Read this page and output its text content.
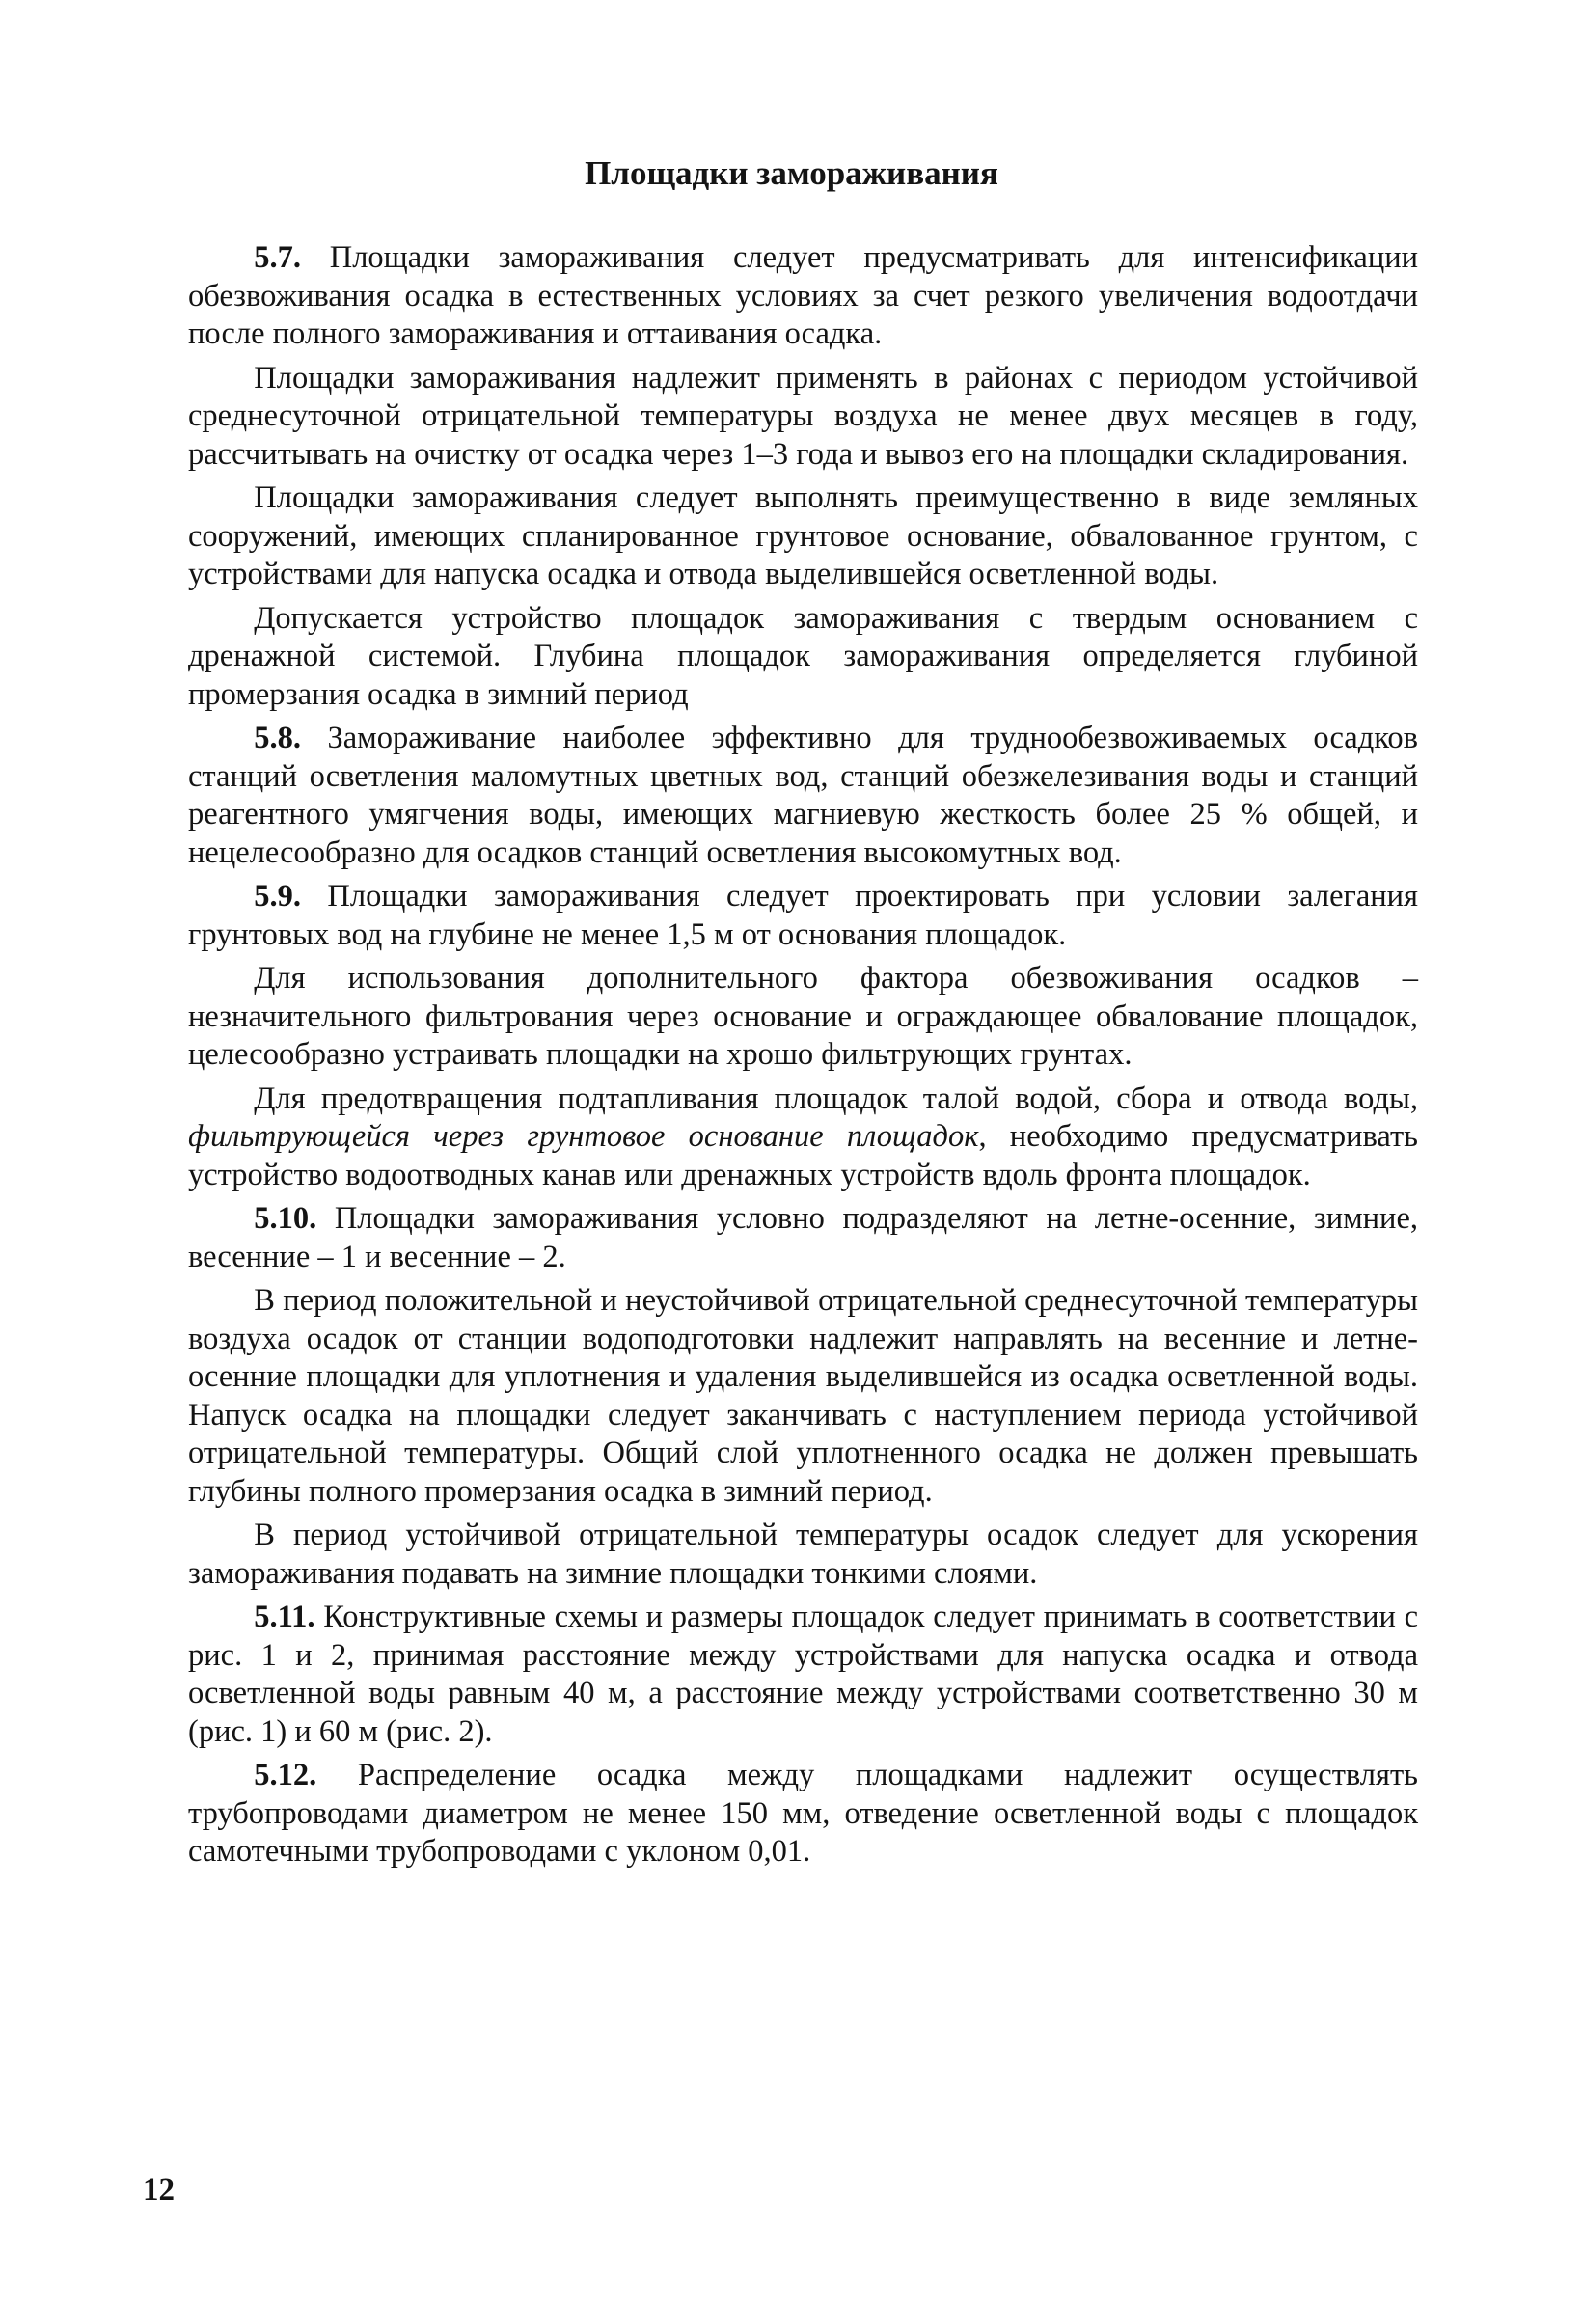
Площадки замораживания

5.7. Площадки замораживания следует предусматривать для интенсификации обезвоживания осадка в естественных условиях за счет резкого увеличения водоотдачи после полного замораживания и оттаивания осадка.

Площадки замораживания надлежит применять в районах с периодом устойчивой среднесуточной отрицательной температуры воздуха не менее двух месяцев в году, рассчитывать на очистку от осадка через 1–3 года и вывоз его на площадки складирования.

Площадки замораживания следует выполнять преимущественно в виде земляных сооружений, имеющих спланированное грунтовое основание, обвалованное грунтом, с устройствами для напуска осадка и отвода выделившейся осветленной воды.

Допускается устройство площадок замораживания с твердым основанием с дренажной системой. Глубина площадок замораживания определяется глубиной промерзания осадка в зимний период

5.8. Замораживание наиболее эффективно для труднообезвоживаемых осадков станций осветления маломутных цветных вод, станций обезжелезивания воды и станций реагентного умягчения воды, имеющих магниевую жесткость более 25 % общей, и нецелесообразно для осадков станций осветления высокомутных вод.

5.9. Площадки замораживания следует проектировать при условии залегания грунтовых вод на глубине не менее 1,5 м от основания площадок.

Для использования дополнительного фактора обезвоживания осадков – незначительного фильтрования через основание и ограждающее обвалование площадок, целесообразно устраивать площадки на хрошо фильтрующих грунтах.

Для предотвращения подтапливания площадок талой водой, сбора и отвода воды, фильтрующейся через грунтовое основание площадок, необходимо предусматривать устройство водоотводных канав или дренажных устройств вдоль фронта площадок.

5.10. Площадки замораживания условно подразделяют на летне-осенние, зимние, весенние – 1 и весенние – 2.

В период положительной и неустойчивой отрицательной среднесуточной температуры воздуха осадок от станции водоподготовки надлежит направлять на весенние и летне-осенние площадки для уплотнения и удаления выделившейся из осадка осветленной воды. Напуск осадка на площадки следует заканчивать с наступлением периода устойчивой отрицательной температуры. Общий слой уплотненного осадка не должен превышать глубины полного промерзания осадка в зимний период.

В период устойчивой отрицательной температуры осадок следует для ускорения замораживания подавать на зимние площадки тонкими слоями.

5.11. Конструктивные схемы и размеры площадок следует принимать в соответствии с рис. 1 и 2, принимая расстояние между устройствами для напуска осадка и отвода осветленной воды равным 40 м, а расстояние между устройствами соответственно 30 м (рис. 1) и 60 м (рис. 2).

5.12. Распределение осадка между площадками надлежит осуществлять трубопроводами диаметром не менее 150 мм, отведение осветленной воды с площадок самотечными трубопроводами с уклоном 0,01.

12
